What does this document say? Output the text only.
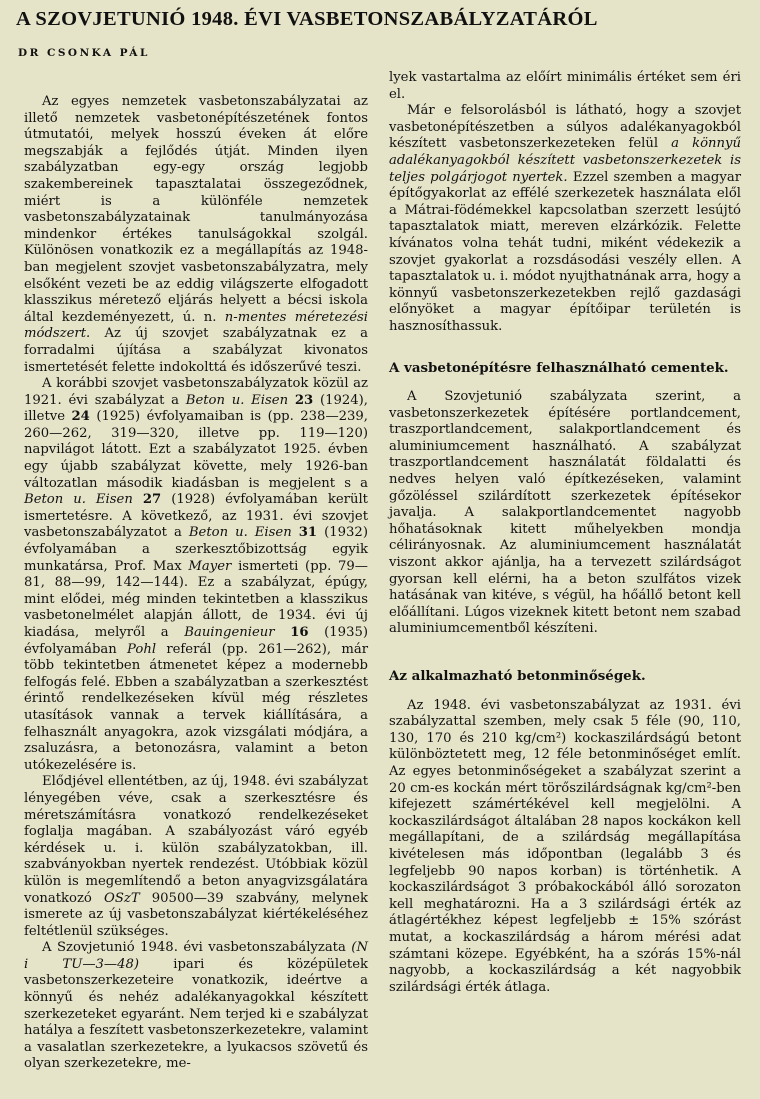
A SZOVJETUNIÓ 1948. ÉVI VASBETONSZABÁLYZATÁRÓL
DR CSONKA PÁL

Az egyes nemzetek vasbetonszabályzatai az illető nemzetek vasbetonépítészetének fontos útmutatói, melyek hosszú éveken át előre megszabják a fejlődés útját. Minden ilyen szabályzatban egy-egy ország legjobb szakembereinek tapasztalatai összegeződnek, miért is a különféle nemzetek vasbetonszabályzatainak tanulmányozása mindenkor értékes tanulságokkal szolgál. Különösen vonatkozik ez a megállapítás az 1948-ban megjelent szovjet vasbetonszabályzatra, mely elsőként vezeti be az eddig világszerte elfogadott klasszikus méretező eljárás helyett a bécsi iskola által kezdeményezett, ú. n. n-mentes méretezési módszert. Az új szovjet szabályzatnak ez a forradalmi újítása a szabályzat kivonatos ismertetését felette indokolttá és időszerűvé teszi.

A korábbi szovjet vasbetonszabályzatok közül az 1921. évi szabályzat a Beton u. Eisen 23 (1924), illetve 24 (1925) évfolyamaiban is (pp. 238—239, 260—262, 319—320, illetve pp. 119—120) napvilágot látott. Ezt a szabályzatot 1925. évben egy újabb szabályzat követte, mely 1926-ban változatlan második kiadásban is megjelent s a Beton u. Eisen 27 (1928) évfolyamában került ismertetésre. A következő, az 1931. évi szovjet vasbetonszabályzatot a Beton u. Eisen 31 (1932) évfolyamában a szerkesztőbizottság egyik munkatársa, Prof. Max Mayer ismerteti (pp. 79—81, 88—99, 142—144). Ez a szabályzat, épúgy, mint elődei, még minden tekintetben a klasszikus vasbetonelmélet alapján állott, de 1934. évi új kiadása, melyről a Bauingenieur 16 (1935) évfolyamában Pohl referál (pp. 261—262), már több tekintetben átmenetet képez a modernebb felfogás felé. Ebben a szabályzatban a szerkesztést érintő rendelkezéseken kívül még részletes utasítások vannak a tervek kiállítására, a felhasznált anyagokra, azok vizsgálati módjára, a zsaluzásra, a betonozásra, valamint a beton utókezelésére is.

Elődjével ellentétben, az új, 1948. évi szabályzat lényegében véve, csak a szerkesztésre és méretszámításra vonatkozó rendelkezéseket foglalja magában. A szabályozást váró egyéb kérdések u. i. külön szabályzatokban, ill. szabványokban nyertek rendezést. Utóbbiak közül külön is megemlítendő a beton anyagvizsgálatára vonatkozó OSzT 90500—39 szabvány, melynek ismerete az új vasbetonszabályzat kiértékeléséhez feltétlenül szükséges.

A Szovjetunió 1948. évi vasbetonszabályzata (N i TU—3—48)	ipari és középületek vasbetonszerkezeteire vonatkozik, ideértve a könnyű és nehéz adalékanyagokkal készített szerkezeteket egyaránt. Nem terjed ki e szabályzat hatálya a feszített vasbetonszerkezetekre, valamint a vasalatlan szerkezetekre, a lyukacsos szövetű és olyan szerkezetekre, me-

lyek vastartalma az előírt minimális értéket sem éri el.

Már e felsorolásból is látható, hogy a szovjet vasbetonépítészetben a súlyos adalékanyagokból készített vasbetonszerkezeteken felül a könnyű adalékanyagokból készített vasbetonszerkezetek is teljes polgárjogot nyertek. Ezzel szemben a magyar építőgyakorlat az effélé szerkezetek használata elől a Mátrai-födémekkel kapcsolatban szerzett lesújtó tapasztalatok miatt, mereven elzárkózik. Felette kívánatos volna tehát tudni, miként védekezik a szovjet gyakorlat a rozsdásodási veszély ellen. A tapasztalatok u. i. módot nyujthatnának arra, hogy a könnyű vasbetonszerkezetekben rejlő gazdasági előnyöket a magyar építőipar területén is hasznosíthassuk.

A vasbetonépítésre felhasználható cementek.

A Szovjetunió szabályzata szerint, a vasbetonszerkezetek építésére portlandcement, traszportlandcement, salakportlandcement és aluminiumcement használható. A szabályzat traszportlandcement használatát földalatti és nedves helyen való építkezéseken, valamint gőzöléssel szilárdított szerkezetek építésekor javalja. A salakportlandcementet nagyobb hőhatásoknak kitett műhelyekben mondja célirányosnak. Az aluminiumcement használatát viszont akkor ajánlja, ha a tervezett szilárdságot gyorsan kell elérni, ha a beton szulfátos vizek hatásának van kitéve, s végül, ha hőállő betont kell előállítani. Lúgos vizeknek kitett betont nem szabad aluminiumcementből készíteni.

Az alkalmazható betonminőségek.

Az 1948. évi vasbetonszabályzat az 1931. évi szabályzattal szemben, mely csak 5 féle (90, 110, 130, 170 és 210 kg/cm²) kockaszilárdságú betont különböztetett meg, 12 féle betonminőséget említ. Az egyes betonminőségeket a szabályzat szerint a 20 cm-es kockán mért törőszilárdságnak kg/cm²-ben kifejezett számértékével kell megjelölni. A kockaszilárdságot általában 28 napos kockákon kell megállapítani, de a szilárdság megállapítása kivételesen más időpontban (legalább 3 és legfeljebb 90 napos korban) is történhetik. A kockaszilárdságot 3 próbakockából álló sorozaton kell meghatározni. Ha a 3 szilárdsági érték az átlagértékhez képest legfeljebb ± 15% szórást mutat, a kockaszilárdság a három mérési adat számtani közepe. Egyébként, ha a szórás 15%-nál nagyobb, a kockaszilárdság a két nagyobbik szilárdsági érték átlaga.
